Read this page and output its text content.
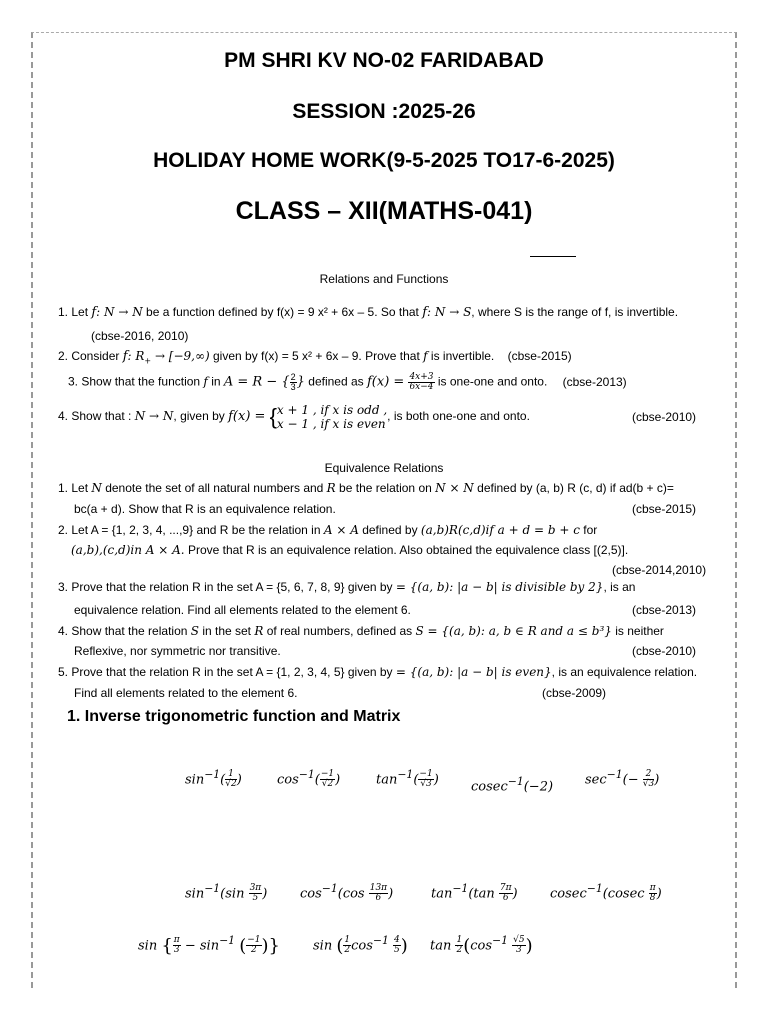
PM SHRI KV NO-02 FARIDABAD
SESSION :2025-26
HOLIDAY HOME WORK(9-5-2025 TO17-6-2025)
CLASS – XII(MATHS-041)
Relations and Functions
1. Let f: N → N be a function defined by f(x) = 9 x² + 6x – 5. So that f: N → S, where S is the range of f, is invertible.
(cbse-2016, 2010)
2. Consider f: $R_+ \to [-9,\infty)$ given by f(x) = 5 x² + 6x – 9. Prove that f is invertible. (cbse-2015)
3. Show that the function f in A = R − { $\frac{2}{3}$ } defined as $f(x) = \frac{4x+3}{6x-4}$ is one-one and onto. (cbse-2013)
4. Show that : N → N, given by f(x) = { x + 1 , if x is odd ,
x − 1 , if x is even
, is both one-one and onto.	(cbse-2010)
Equivalence Relations
1. Let N denote the set of all natural numbers and R be the relation on N × N defined by (a, b) R (c, d) if ad(b + c)=
bc(a + d). Show that R is an equivalence relation.	(cbse-2015)
2. Let A = {1, 2, 3, 4, ...,9} and R be the relation in A × A defined by (a,b)R(c,d)if a + d = b + c for
(a,b),(c,d)in A × A. Prove that R is an equivalence relation. Also obtained the equivalence class [(2,5)].
(cbse-2014,2010)
3. Prove that the relation R in the set A = {5, 6, 7, 8, 9} given by = {(a, b): |a − b| is divisible by 2}, is an
equivalence relation. Find all elements related to the element 6.	(cbse-2013)
4. Show that the relation S in the set R of real numbers, defined as S = {(a, b): a, b ∈ R and a ≤ b³} is neither
Reflexive, nor symmetric nor transitive.	(cbse-2010)
5. Prove that the relation R in the set A = {1, 2, 3, 4, 5} given by = {(a, b): |a − b| is even}, is an equivalence relation.
Find all elements related to the element 6.	(cbse-2009)
1. Inverse trigonometric function and Matrix
$\sin^{-1}( \frac{1}{√2}$ )	$\cos^{-1}( \frac{-1}{√2}$ )	$\tan^{-1}( \frac{-1}{√3}$ ) cosec$^{-1}$(−2) $\sec^{-1}(- \frac{2}{√3}$ )
$\sin^{-1}(\sin \frac{3\pi}{5}$ )	$\cos^{-1}(\cos \frac{13\pi}{6}$ )	$\tan^{-1}(\tan \frac{7\pi}{6}$ ) $cosec^{-1}(cosec \frac{\pi}{8}$ )
sin { $\frac{\pi}{3} - \sin^{-1}$ ( $\frac{-1}{2}$ )}	sin ( $\frac{1}{2} \cos^{-1} \frac{4}{5}$ ) $\tan \frac{1}{2} (\cos^{-1} \frac{√5}{3}$ )
